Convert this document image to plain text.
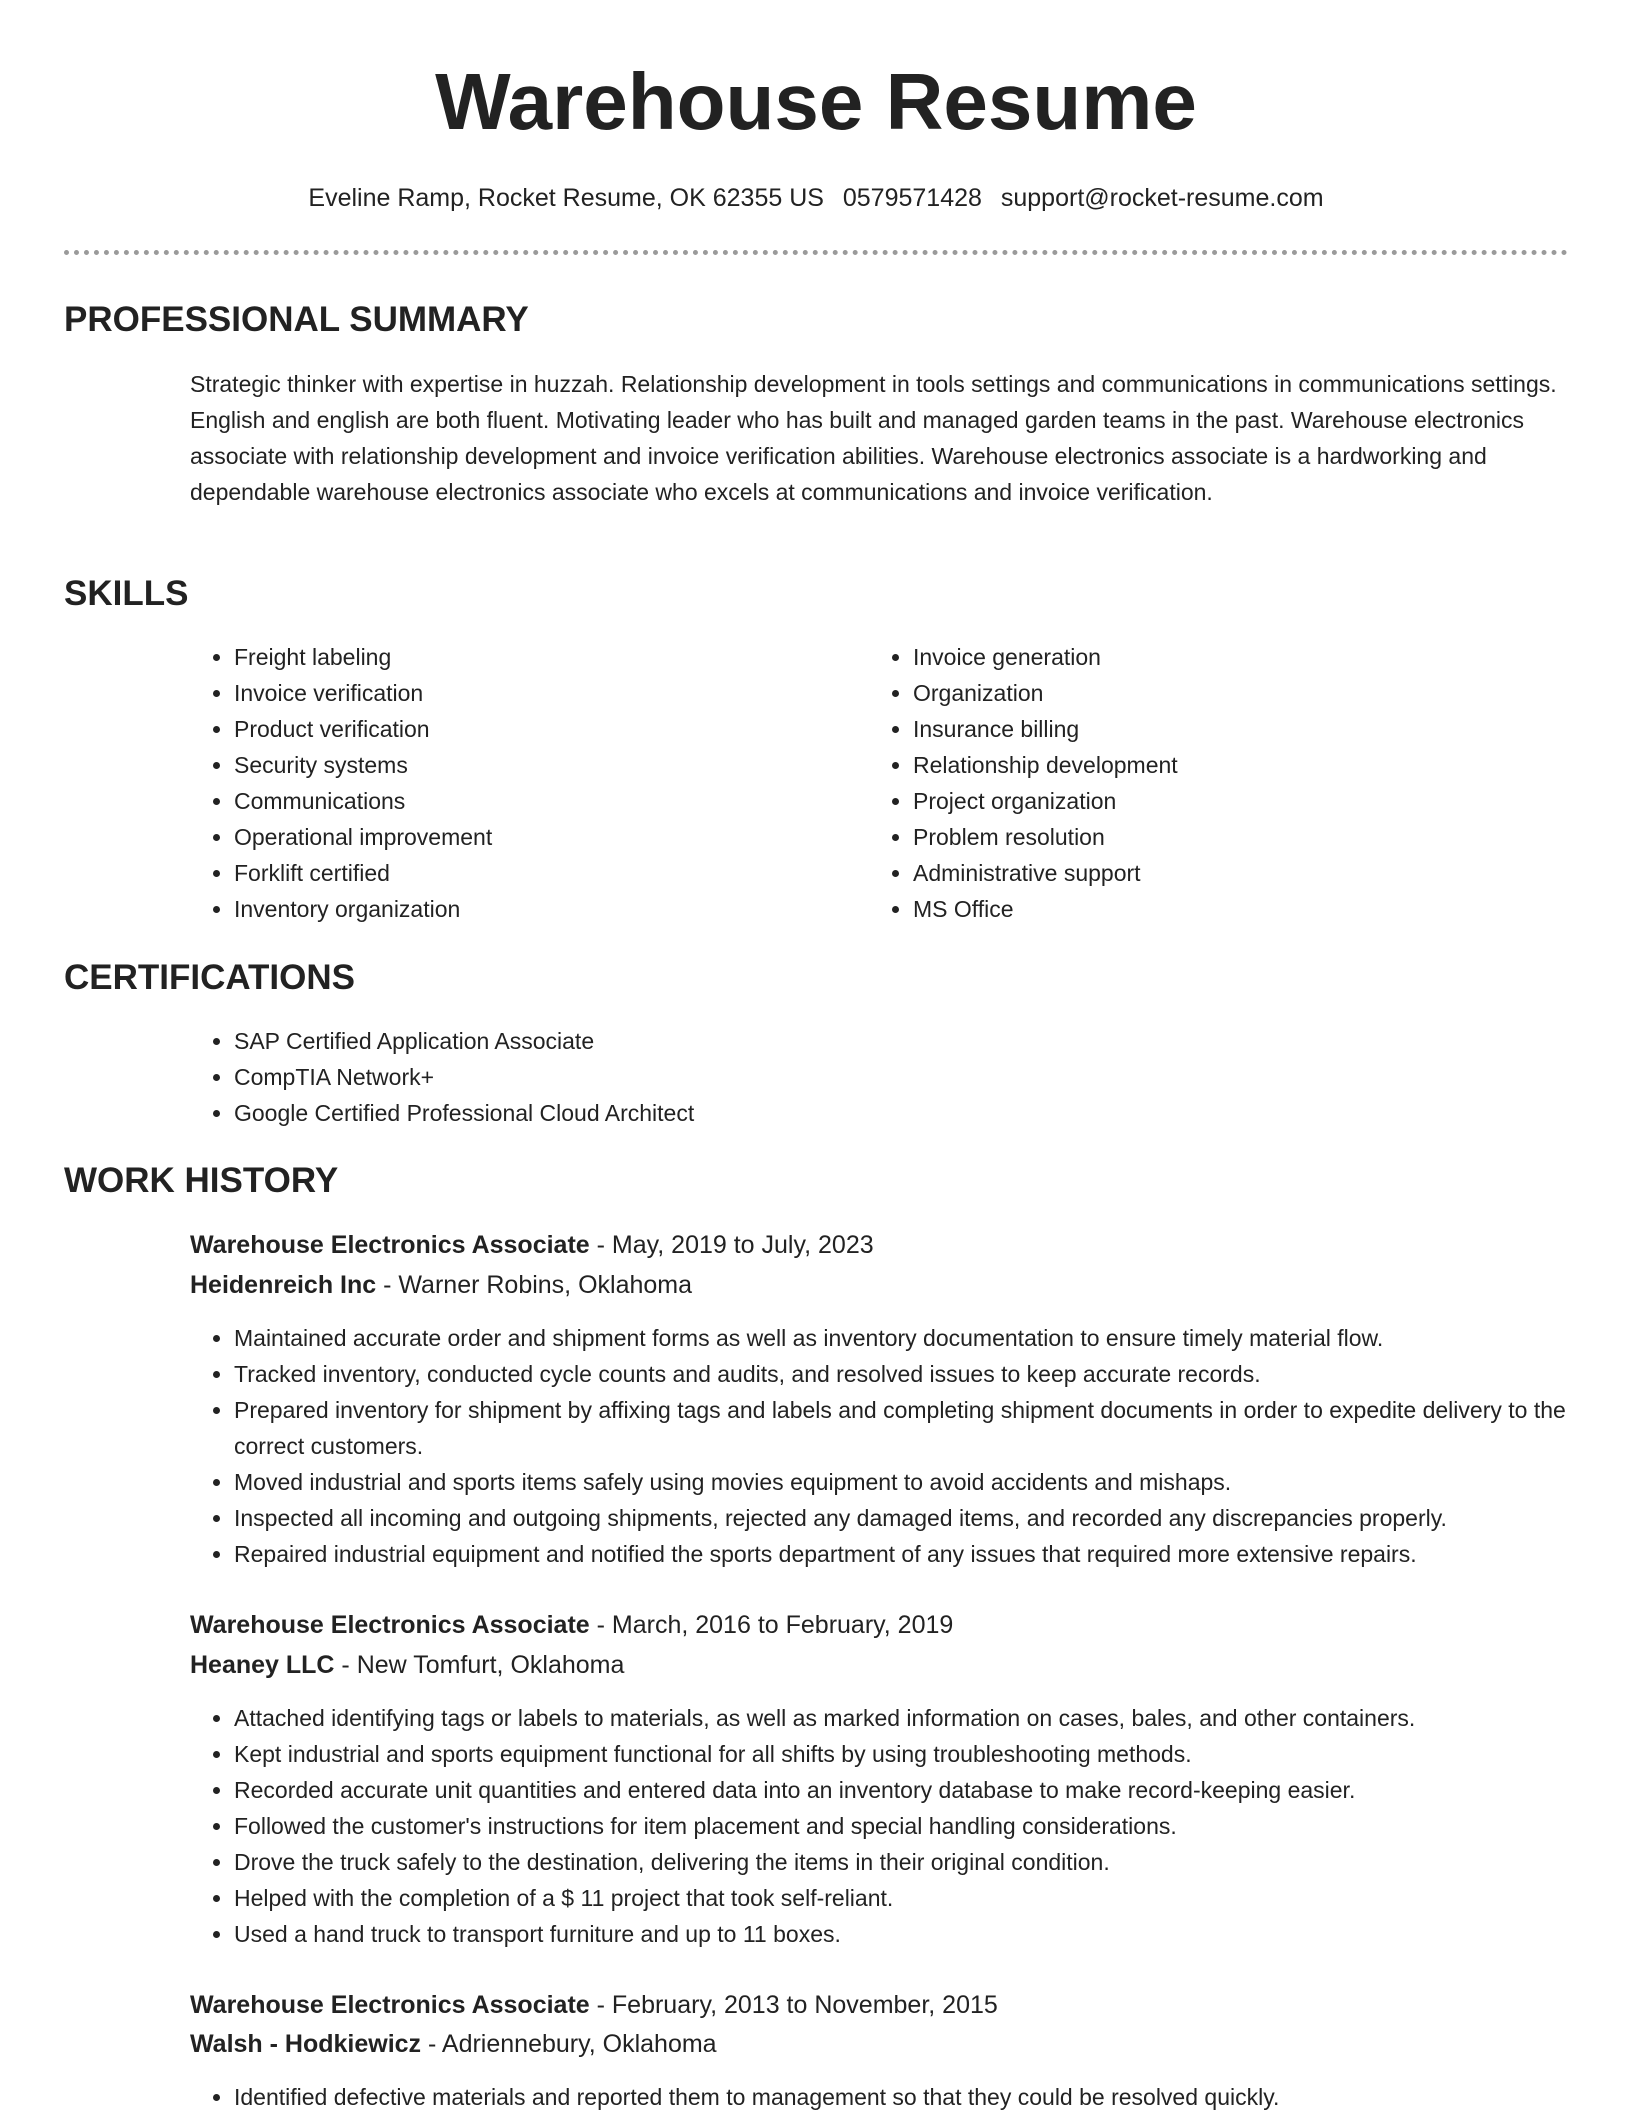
Warehouse Resume
Eveline Ramp, Rocket Resume, OK 62355 US 0579571428 support@rocket-resume.com
PROFESSIONAL SUMMARY

Strategic thinker with expertise in huzzah. Relationship development in tools settings and communications in communications settings. English and english are both fluent. Motivating leader who has built and managed garden teams in the past. Warehouse electronics associate with relationship development and invoice verification abilities. Warehouse electronics associate is a hardworking and dependable warehouse electronics associate who excels at communications and invoice verification.

SKILLS
• Freight labeling
• Invoice verification
• Product verification
• Security systems
• Communications
• Operational improvement
• Forklift certified
• Inventory organization
• Invoice generation
• Organization
• Insurance billing
• Relationship development
• Project organization
• Problem resolution
• Administrative support
• MS Office
CERTIFICATIONS
• SAP Certified Application Associate
• CompTIA Network+
• Google Certified Professional Cloud Architect
WORK HISTORY
Warehouse Electronics Associate - May, 2019 to July, 2023
Heidenreich Inc - Warner Robins, Oklahoma
• Maintained accurate order and shipment forms as well as inventory documentation to ensure timely material flow.
• Tracked inventory, conducted cycle counts and audits, and resolved issues to keep accurate records.
• Prepared inventory for shipment by affixing tags and labels and completing shipment documents in order to expedite delivery to the correct customers.
• Moved industrial and sports items safely using movies equipment to avoid accidents and mishaps.
• Inspected all incoming and outgoing shipments, rejected any damaged items, and recorded any discrepancies properly.
• Repaired industrial equipment and notified the sports department of any issues that required more extensive repairs.
Warehouse Electronics Associate - March, 2016 to February, 2019
Heaney LLC - New Tomfurt, Oklahoma
• Attached identifying tags or labels to materials, as well as marked information on cases, bales, and other containers.
• Kept industrial and sports equipment functional for all shifts by using troubleshooting methods.
• Recorded accurate unit quantities and entered data into an inventory database to make record-keeping easier.
• Followed the customer's instructions for item placement and special handling considerations.
• Drove the truck safely to the destination, delivering the items in their original condition.
• Helped with the completion of a $ 11 project that took self-reliant.
• Used a hand truck to transport furniture and up to 11 boxes.
Warehouse Electronics Associate - February, 2013 to November, 2015
Walsh - Hodkiewicz - Adriennebury, Oklahoma
• Identified defective materials and reported them to management so that they could be resolved quickly.
